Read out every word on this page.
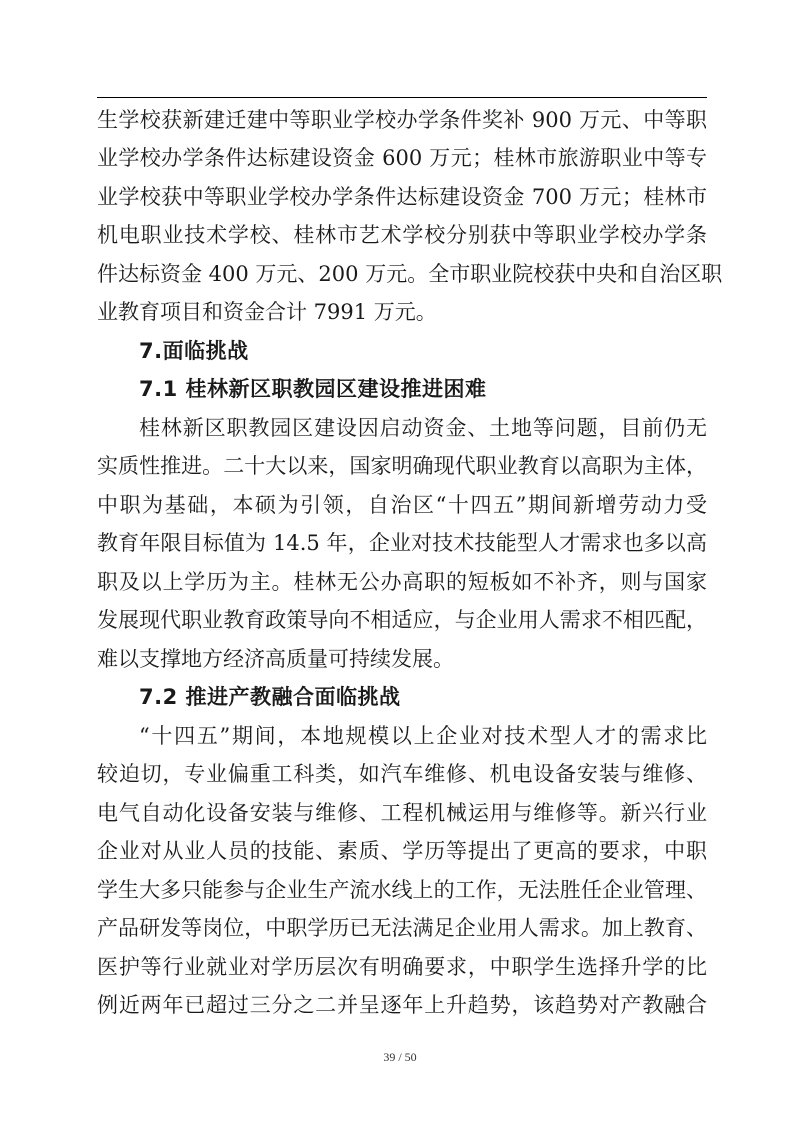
生学校获新建迁建中等职业学校办学条件奖补 900 万元、中等职
业学校办学条件达标建设资金 600 万元；桂林市旅游职业中等专
业学校获中等职业学校办学条件达标建设资金 700 万元；桂林市
机电职业技术学校、桂林市艺术学校分别获中等职业学校办学条
件达标资金 400 万元、200 万元。全市职业院校获中央和自治区职
业教育项目和资金合计 7991 万元。
7.面临挑战
7.1 桂林新区职教园区建设推进困难
桂林新区职教园区建设因启动资金、土地等问题，目前仍无
实质性推进。二十大以来，国家明确现代职业教育以高职为主体，
中职为基础，本硕为引领，自治区“十四五”期间新增劳动力受
教育年限目标值为 14.5 年，企业对技术技能型人才需求也多以高
职及以上学历为主。桂林无公办高职的短板如不补齐，则与国家
发展现代职业教育政策导向不相适应，与企业用人需求不相匹配，
难以支撑地方经济高质量可持续发展。
7.2 推进产教融合面临挑战
“十四五”期间，本地规模以上企业对技术型人才的需求比
较迫切，专业偏重工科类，如汽车维修、机电设备安装与维修、
电气自动化设备安装与维修、工程机械运用与维修等。新兴行业
企业对从业人员的技能、素质、学历等提出了更高的要求，中职
学生大多只能参与企业生产流水线上的工作，无法胜任企业管理、
产品研发等岗位，中职学历已无法满足企业用人需求。加上教育、
医护等行业就业对学历层次有明确要求，中职学生选择升学的比
例近两年已超过三分之二并呈逐年上升趋势，该趋势对产教融合
39 / 50
